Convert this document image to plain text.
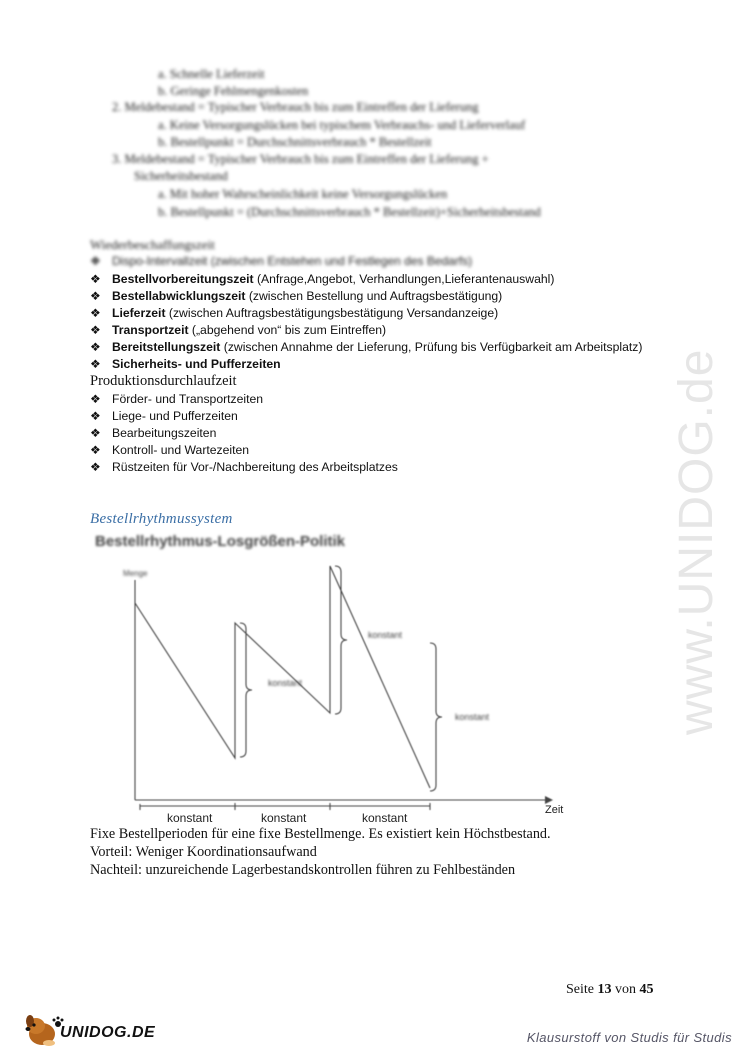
a. Schnelle Lieferzeit
b. Geringe Fehlmengenkosten
2. Meldebestand = Typischer Verbrauch bis zum Eintreffen der Lieferung
a. Keine Versorgungslücken bei typischem Verbrauchs- und Lieferverlauf
b. Bestellpunkt = Durchschnittsverbrauch * Bestellzeit
3. Meldebestand = Typischer Verbrauch bis zum Eintreffen der Lieferung +
Sicherheitsbestand
a. Mit hoher Wahrscheinlichkeit keine Versorgungslücken
b. Bestellpunkt = (Durchschnittsverbrauch * Bestellzeit)+Sicherheitsbestand
Wiederbeschaffungszeit
❖ Dispo-Intervallzeit (zwischen Entstehen und Festlegen des Bedarfs)
❖ Bestellvorbereitungszeit (Anfrage,Angebot, Verhandlungen,Lieferantenauswahl)
❖ Bestellabwicklungszeit (zwischen Bestellung und Auftragsbestätigung)
❖ Lieferzeit (zwischen Auftragsbestätigungsbestätigung Versandanzeige)
❖ Transportzeit („abgehend von“ bis zum Eintreffen)
❖ Bereitstellungszeit (zwischen Annahme der Lieferung, Prüfung bis Verfügbarkeit am Arbeitsplatz)
❖ Sicherheits- und Pufferzeiten
Produktionsdurchlaufzeit
❖ Förder- und Transportzeiten
❖ Liege- und Pufferzeiten
❖ Bearbeitungszeiten
❖ Kontroll- und Wartezeiten
❖ Rüstzeiten für Vor-/Nachbereitung des Arbeitsplatzes
Bestellrhythmussystem
Bestellrhythmus-Losgrößen-Politik
Menge
konstant
konstant
konstant
konstant	konstant	konstant
Zeit
Fixe Bestellperioden für eine fixe Bestellmenge. Es existiert kein Höchstbestand.
Vorteil: Weniger Koordinationsaufwand
Nachteil: unzureichende Lagerbestandskontrollen führen zu Fehlbeständen
Seite 13 von 45
www.UNIDOG.de
UNIDOG.DE	Klausurstoff von Studis für Studis
